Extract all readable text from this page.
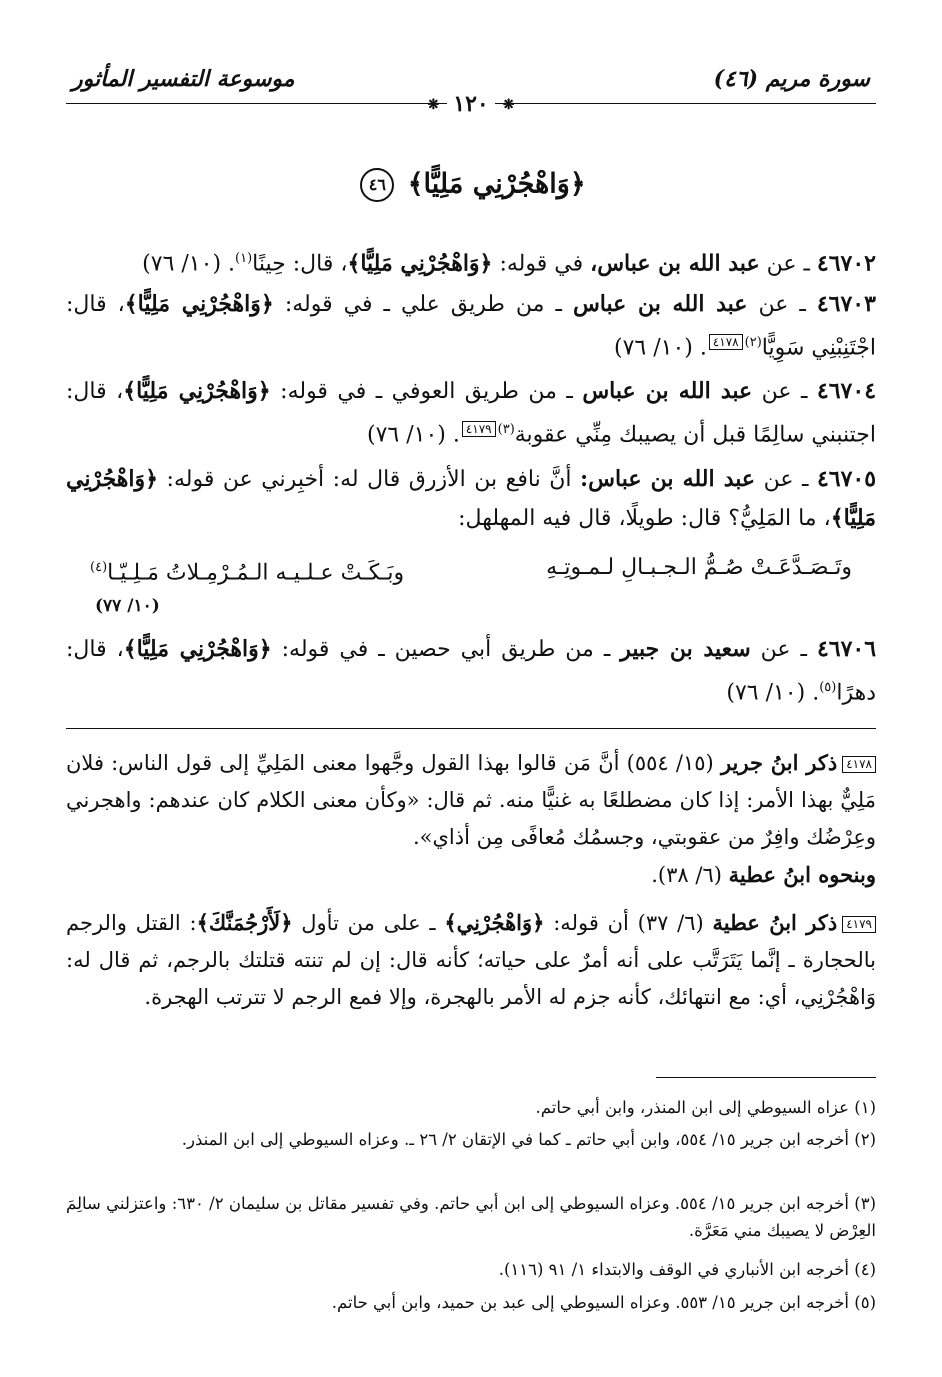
موسوعة التفسير المأثور	سورة مريم (٤٦)
❋ ١٢٠ ❋
﴿وَاهْجُرْنِي مَلِيًّا﴾ ٤٦
٤٦٧٠٢ ـ عن عبد الله بن عباس، في قوله: ﴿وَاهْجُرْنِي مَلِيًّا﴾، قال: حِينًا$^{(١)}$. (١٠/ ٧٦)
٤٦٧٠٣ ـ عن عبد الله بن عباس ـ من طريق علي ـ في قوله: ﴿وَاهْجُرْنِي مَلِيًّا﴾، قال: اجْتَنِبْنِي سَوِيًّا$^{(٢)}$٤١٧٨. (١٠/ ٧٦)
٤٦٧٠٤ ـ عن عبد الله بن عباس ـ من طريق العوفي ـ في قوله: ﴿وَاهْجُرْنِي مَلِيًّا﴾، قال: اجتنبني سالِمًا قبل أن يصيبك مِنِّي عقوبة$^{(٣)}$٤١٧٩. (١٠/ ٧٦)
٤٦٧٠٥ ـ عن عبد الله بن عباس: أنَّ نافع بن الأزرق قال له: أخبِرني عن قوله: ﴿وَاهْجُرْنِي مَلِيًّا﴾، ما المَلِيُّ؟ قال: طويلًا، قال فيه المهلهل:
وتَـصَـدَّعَـتْ صُـمُّ الـجـبـالِ لـمـوتِـهِ
وبَـكَـتْ عـلـيـه الـمُـرْمِـلاتُ مَـلِـيّـا$^{(٤)}$
(١٠/ ٧٧)
٤٦٧٠٦ ـ عن سعيد بن جبير ـ من طريق أبي حصين ـ في قوله: ﴿وَاهْجُرْنِي مَلِيًّا﴾، قال: دهرًا$^{(٥)}$. (١٠/ ٧٦)
٤١٧٨ذكر ابنُ جرير (١٥/ ٥٥٤) أنَّ مَن قالوا بهذا القول وجَّهوا معنى المَلِيِّ إلى قول الناس: فلان مَلِيٌّ بهذا الأمر: إذا كان مضطلعًا به غنيًّا منه. ثم قال: «وكأن معنى الكلام كان عندهم: واهجرني وعِرْضُك وافِرٌ من عقوبتي، وجسمُك مُعافًى مِن أذاي».
وبنحوه ابنُ عطية (٦/ ٣٨).
٤١٧٩ذكر ابنُ عطية (٦/ ٣٧) أن قوله: ﴿وَاهْجُرْنِي﴾ ـ على من تأول ﴿لَأَرْجُمَنَّكَ﴾: القتل والرجم بالحجارة ـ إنَّما يَتَرَتَّب على أنه أمرٌ على حياته؛ كأنه قال: إن لم تنته قتلتك بالرجم، ثم قال له: وَاهْجُرْنِي، أي: مع انتهائك، كأنه جزم له الأمر بالهجرة، وإلا فمع الرجم لا تترتب الهجرة.
(١) عزاه السيوطي إلى ابن المنذر، وابن أبي حاتم.
(٢) أخرجه ابن جرير ١٥/ ٥٥٤، وابن أبي حاتم ـ كما في الإتقان ٢/ ٢٦ ـ. وعزاه السيوطي إلى ابن المنذر.
(٣) أخرجه ابن جرير ١٥/ ٥٥٤. وعزاه السيوطي إلى ابن أبي حاتم. وفي تفسير مقاتل بن سليمان ٢/ ٦٣٠: واعتزلني سالِمَ العِرْض لا يصيبك مني مَعَرَّة.
(٤) أخرجه ابن الأنباري في الوقف والابتداء ١/ ٩١ (١١٦).
(٥) أخرجه ابن جرير ١٥/ ٥٥٣. وعزاه السيوطي إلى عبد بن حميد، وابن أبي حاتم.
